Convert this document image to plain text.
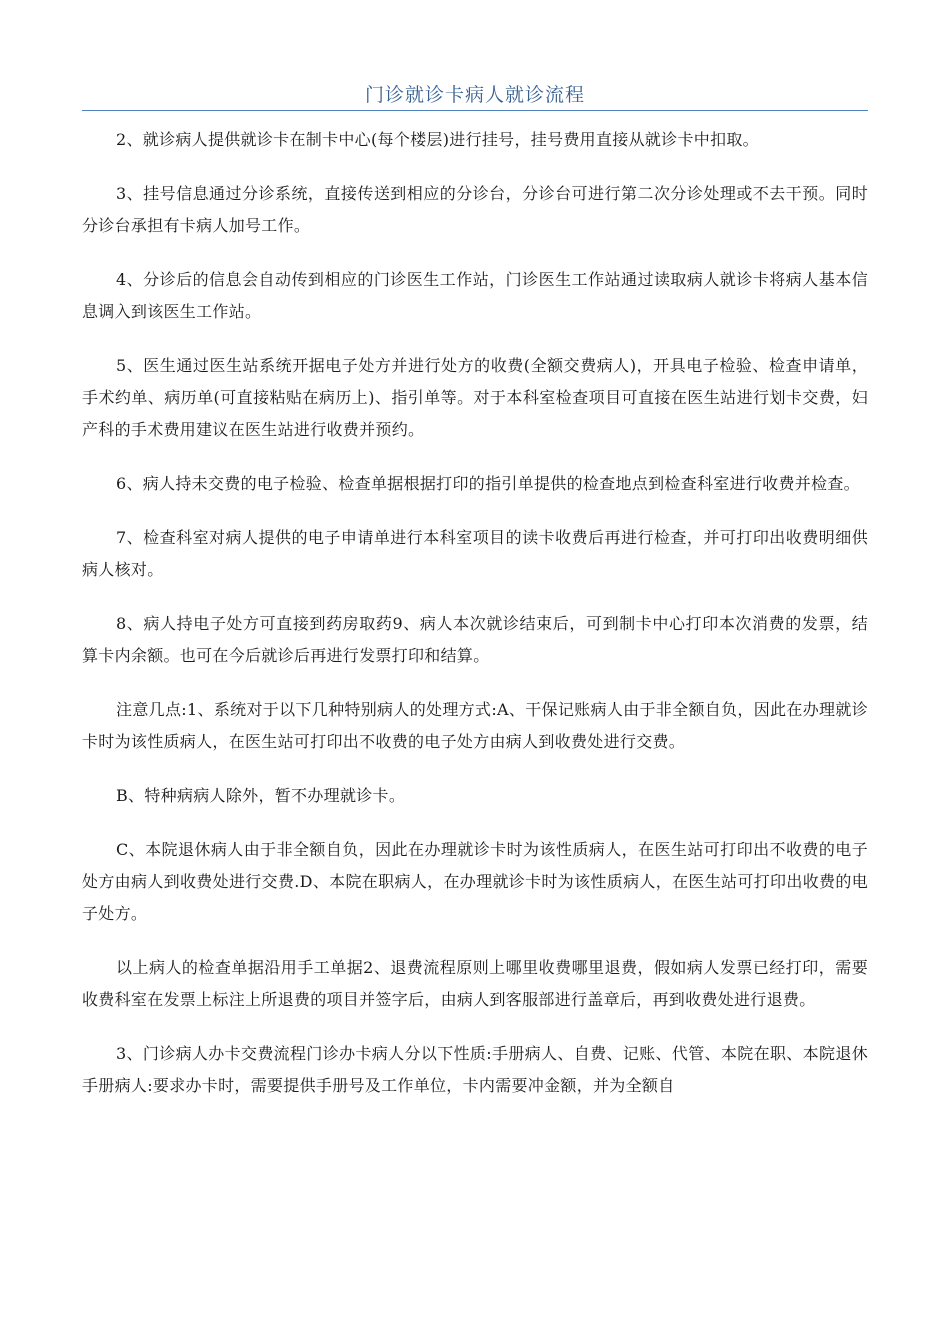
门诊就诊卡病人就诊流程

2、就诊病人提供就诊卡在制卡中心(每个楼层)进行挂号，挂号费用直接从就诊卡中扣取。

3、挂号信息通过分诊系统，直接传送到相应的分诊台，分诊台可进行第二次分诊处理或不去干预。同时分诊台承担有卡病人加号工作。

4、分诊后的信息会自动传到相应的门诊医生工作站，门诊医生工作站通过读取病人就诊卡将病人基本信息调入到该医生工作站。

5、医生通过医生站系统开据电子处方并进行处方的收费(全额交费病人)，开具电子检验、检查申请单，手术约单、病历单(可直接粘贴在病历上)、指引单等。对于本科室检查项目可直接在医生站进行划卡交费，妇产科的手术费用建议在医生站进行收费并预约。

6、病人持未交费的电子检验、检查单据根据打印的指引单提供的检查地点到检查科室进行收费并检查。

7、检查科室对病人提供的电子申请单进行本科室项目的读卡收费后再进行检查，并可打印出收费明细供病人核对。

8、病人持电子处方可直接到药房取药9、病人本次就诊结束后，可到制卡中心打印本次消费的发票，结算卡内余额。也可在今后就诊后再进行发票打印和结算。

注意几点:1、系统对于以下几种特别病人的处理方式:A、干保记账病人由于非全额自负，因此在办理就诊卡时为该性质病人，在医生站可打印出不收费的电子处方由病人到收费处进行交费。

B、特种病病人除外，暂不办理就诊卡。

C、本院退休病人由于非全额自负，因此在办理就诊卡时为该性质病人，在医生站可打印出不收费的电子处方由病人到收费处进行交费.D、本院在职病人，在办理就诊卡时为该性质病人，在医生站可打印出收费的电子处方。

以上病人的检查单据沿用手工单据2、退费流程原则上哪里收费哪里退费，假如病人发票已经打印，需要收费科室在发票上标注上所退费的项目并签字后，由病人到客服部进行盖章后，再到收费处进行退费。

3、门诊病人办卡交费流程门诊办卡病人分以下性质:手册病人、自费、记账、代管、本院在职、本院退休手册病人:要求办卡时，需要提供手册号及工作单位，卡内需要冲金额，并为全额自
